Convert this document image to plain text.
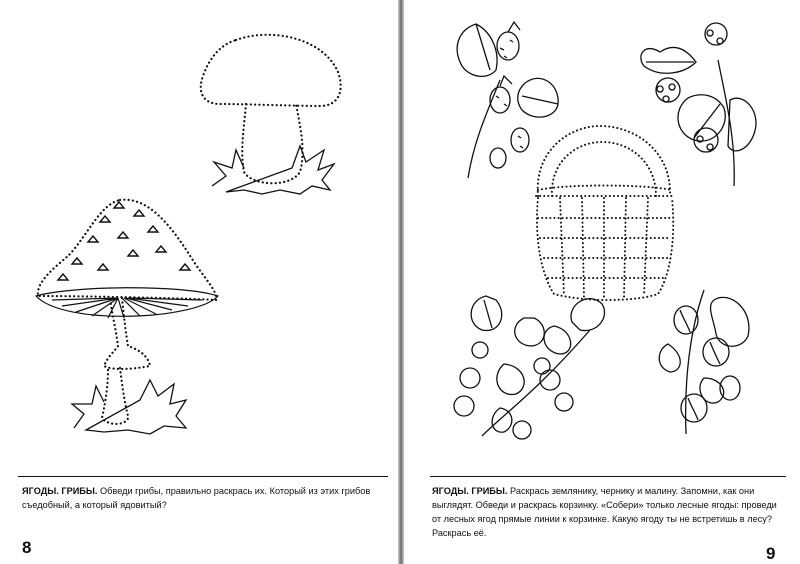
ЯГОДЫ. ГРИБЫ. Обведи грибы, правильно раскрась их. Который из этих грибов съедобный, а который ядовитый?
8
ЯГОДЫ. ГРИБЫ. Раскрась землянику, чернику и малину. Запомни, как они выглядят. Обведи и раскрась корзинку. «Собери» только лесные ягоды: проведи от лесных ягод прямые линии к корзинке. Какую ягоду ты не встретишь в лесу? Раскрась её.
9
